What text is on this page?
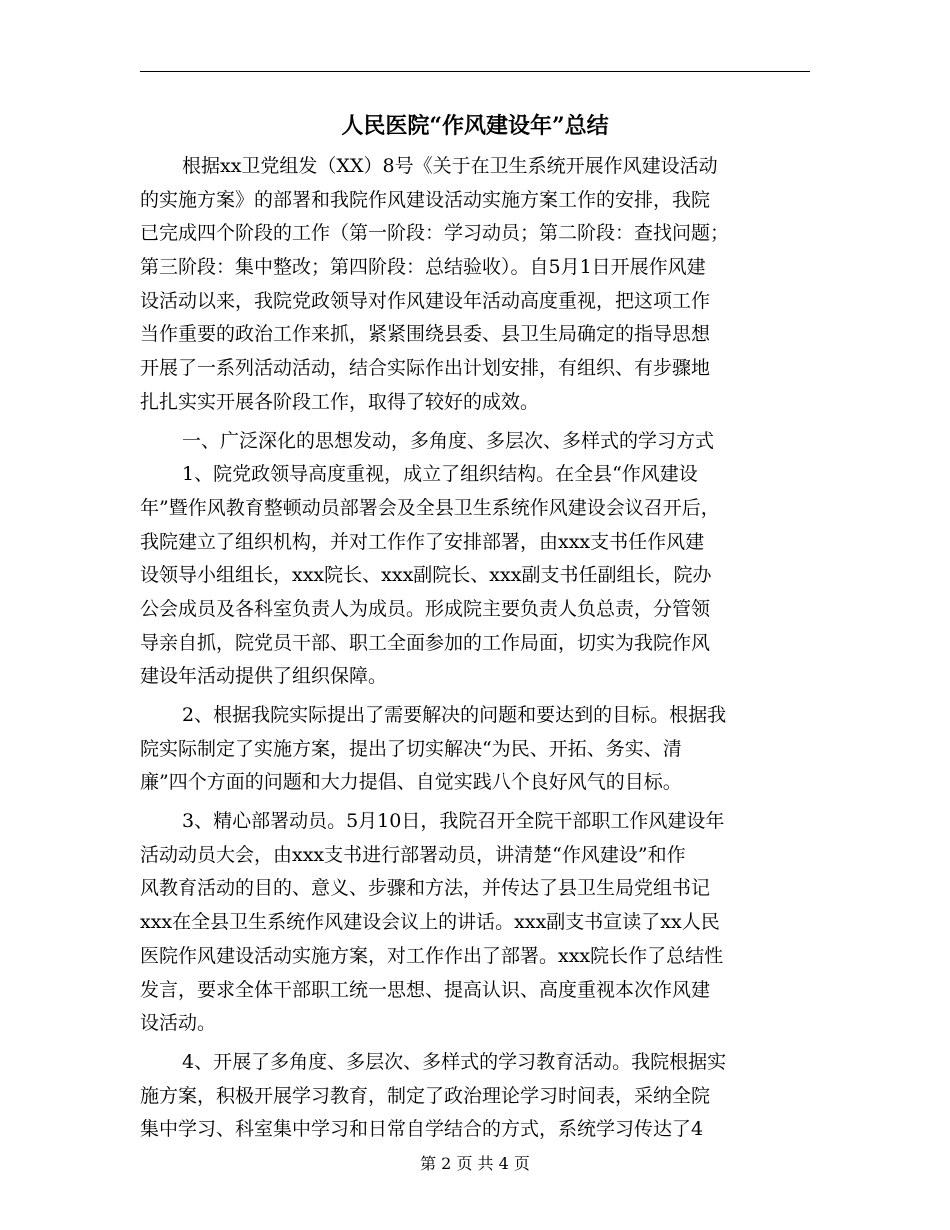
人民医院“作风建设年”总结
根据xx卫党组发（XX）8号《关于在卫生系统开展作风建设活动
的实施方案》的部署和我院作风建设活动实施方案工作的安排，我院
已完成四个阶段的工作（第一阶段：学习动员；第二阶段：查找问题；
第三阶段：集中整改；第四阶段：总结验收）。自5月1日开展作风建
设活动以来，我院党政领导对作风建设年活动高度重视，把这项工作
当作重要的政治工作来抓，紧紧围绕县委、县卫生局确定的指导思想
开展了一系列活动活动，结合实际作出计划安排，有组织、有步骤地
扎扎实实开展各阶段工作，取得了较好的成效。
一、广泛深化的思想发动，多角度、多层次、多样式的学习方式
1、院党政领导高度重视，成立了组织结构。在全县“作风建设
年”暨作风教育整顿动员部署会及全县卫生系统作风建设会议召开后，
我院建立了组织机构，并对工作作了安排部署，由xxx支书任作风建
设领导小组组长，xxx院长、xxx副院长、xxx副支书任副组长，院办
公会成员及各科室负责人为成员。形成院主要负责人负总责，分管领
导亲自抓，院党员干部、职工全面参加的工作局面，切实为我院作风
建设年活动提供了组织保障。
2、根据我院实际提出了需要解决的问题和要达到的目标。根据我
院实际制定了实施方案，提出了切实解决“为民、开拓、务实、清
廉”四个方面的问题和大力提倡、自觉实践八个良好风气的目标。
3、精心部署动员。5月10日，我院召开全院干部职工作风建设年
活动动员大会，由xxx支书进行部署动员，讲清楚“作风建设”和作
风教育活动的目的、意义、步骤和方法，并传达了县卫生局党组书记
xxx在全县卫生系统作风建设会议上的讲话。xxx副支书宣读了xx人民
医院作风建设活动实施方案，对工作作出了部署。xxx院长作了总结性
发言，要求全体干部职工统一思想、提高认识、高度重视本次作风建
设活动。
4、开展了多角度、多层次、多样式的学习教育活动。我院根据实
施方案，积极开展学习教育，制定了政治理论学习时间表，采纳全院
集中学习、科室集中学习和日常自学结合的方式，系统学习传达了4
第 2 页 共 4 页
